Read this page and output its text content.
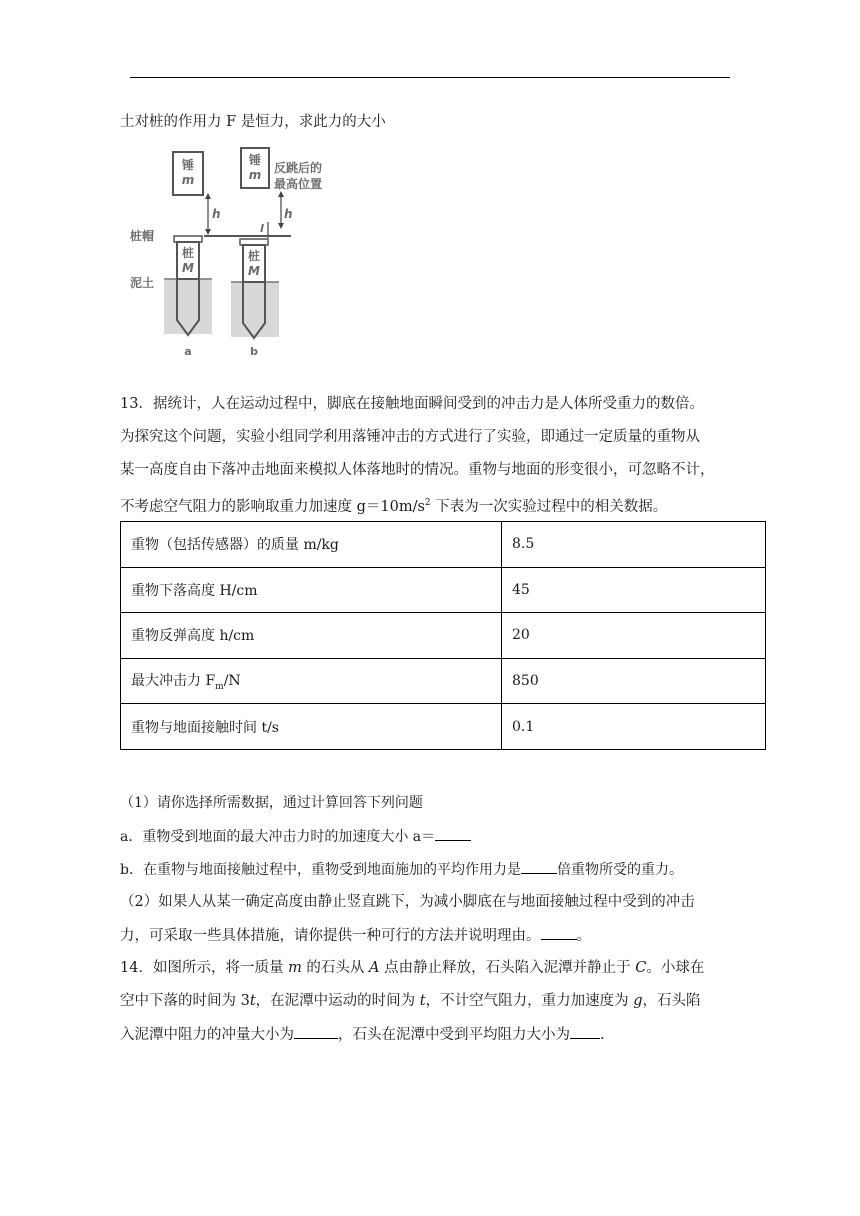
土对桩的作用力 F 是恒力，求此力的大小
锤
m
锤
m 反跳后的
最高位置
h	h
l
桩帽
桩
M
桩
M
泥土
a	b
13．据统计，人在运动过程中，脚底在接触地面瞬间受到的冲击力是人体所受重力的数倍。
为探究这个问题，实验小组同学利用落锤冲击的方式进行了实验，即通过一定质量的重物从
某一高度自由下落冲击地面来模拟人体落地时的情况。重物与地面的形变很小，可忽略不计，
不考虑空气阻力的影响取重力加速度 $g=10m/s^2$ 下表为一次实验过程中的相关数据。
重物（包括传感器）的质量 m/kg	8.5
重物下落高度 H/cm	45
重物反弹高度 h/cm	20
最大冲击力 $F_m/N$	850
重物与地面接触时间 t/s	0.1
（1）请你选择所需数据，通过计算回答下列问题
a．重物受到地面的最大冲击力时的加速度大小 a＝
b．在重物与地面接触过程中，重物受到地面施加的平均作用力是	倍重物所受的重力。
（2）如果人从某一确定高度由静止竖直跳下，为减小脚底在与地面接触过程中受到的冲击
力，可采取一些具体措施，请你提供一种可行的方法并说明理由。 。
14．如图所示，将一质量 m 的石头从 A 点由静止释放，石头陷入泥潭并静止于 C。小球在
空中下落的时间为 3t，在泥潭中运动的时间为 t，不计空气阻力，重力加速度为 g，石头陷
入泥潭中阻力的冲量大小为	，石头在泥潭中受到平均阻力大小为 .
